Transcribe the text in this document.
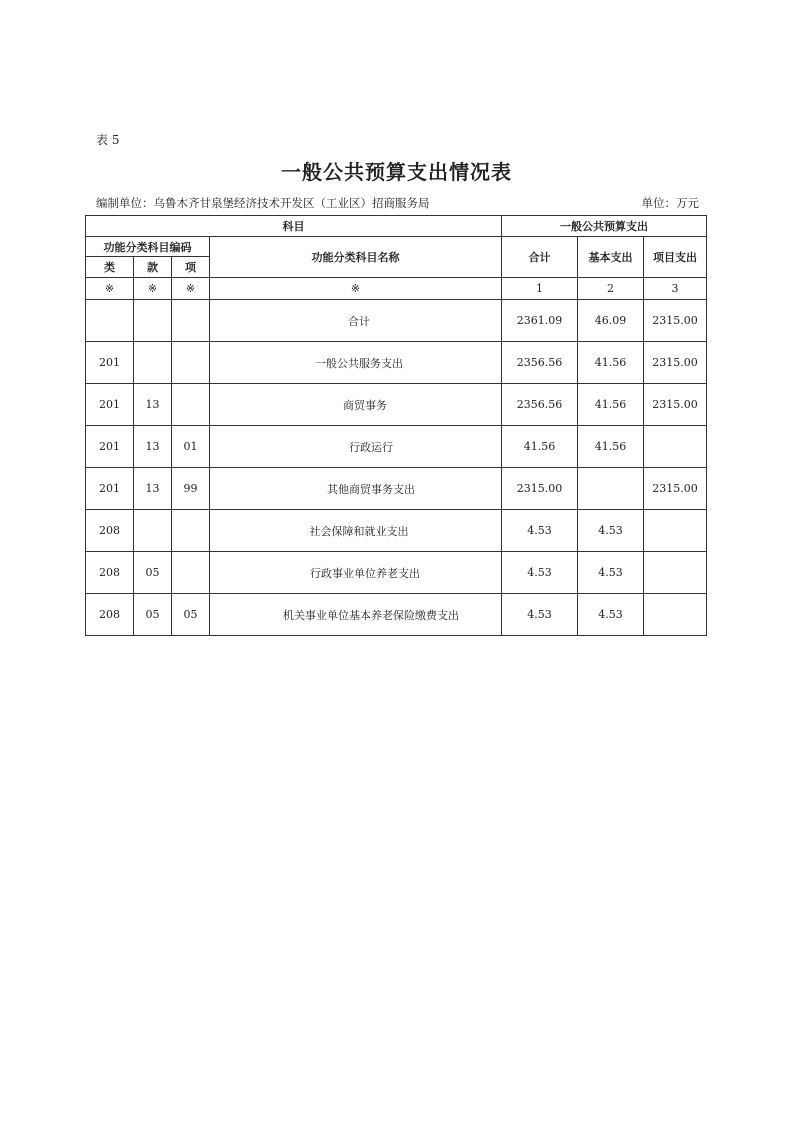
表 5
一般公共预算支出情况表
编制单位：乌鲁木齐甘泉堡经济技术开发区（工业区）招商服务局	单位：万元
科目				一般公共预算支出		
功能分类科目编码			功能分类科目名称	合计	基本支出	项目支出
类	款	项				
※	※	※	※	1	2	3
			合计	2361.09	46.09	2315.00
201			一般公共服务支出	2356.56	41.56	2315.00
201	13		商贸事务	2356.56	41.56	2315.00
201	13	01	行政运行	41.56	41.56	
201	13	99	其他商贸事务支出	2315.00		2315.00
208			社会保障和就业支出	4.53	4.53	
208	05		行政事业单位养老支出	4.53	4.53	
208	05	05	机关事业单位基本养老保险缴费支出	4.53	4.53	
